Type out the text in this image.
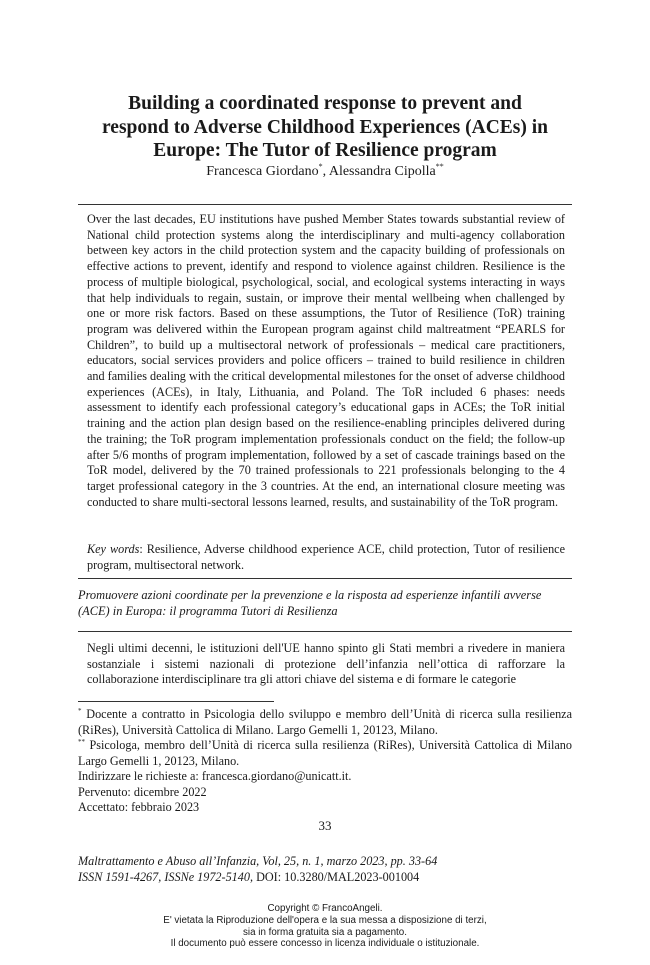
Building a coordinated response to prevent and
respond to Adverse Childhood Experiences (ACEs) in
Europe: The Tutor of Resilience program
Francesca Giordano*, Alessandra Cipolla**

Over the last decades, EU institutions have pushed Member States towards substantial review of National child protection systems along the interdisciplinary and multi-agency collaboration between key actors in the child protection system and the capacity building of professionals on effective actions to prevent, identify and respond to violence against children. Resilience is the process of multiple biological, psychological, social, and ecological systems interacting in ways that help individuals to regain, sustain, or improve their mental wellbeing when challenged by one or more risk factors. Based on these assumptions, the Tutor of Resilience (ToR) training program was delivered within the European program against child maltreatment “PEARLS for Children”, to build up a multisectoral network of professionals – medical care practitioners, educators, social services providers and police officers – trained to build resilience in children and families dealing with the critical developmental milestones for the onset of adverse childhood experiences (ACEs), in Italy, Lithuania, and Poland. The ToR included 6 phases: needs assessment to identify each professional category’s educational gaps in ACEs; the ToR initial training and the action plan design based on the resilience-enabling principles delivered during the training; the ToR program implementation professionals conduct on the field; the follow-up after 5/6 months of program implementation, followed by a set of cascade trainings based on the ToR model, delivered by the 70 trained professionals to 221 professionals belonging to the 4 target professional category in the 3 countries. At the end, an international closure meeting was conducted to share multi-sectoral lessons learned, results, and sustainability of the ToR program.

Key words: Resilience, Adverse childhood experience ACE, child protection, Tutor of resilience program, multisectoral network.

Promuovere azioni coordinate per la prevenzione e la risposta ad esperienze infantili avverse (ACE) in Europa: il programma Tutori di Resilienza

Negli ultimi decenni, le istituzioni dell'UE hanno spinto gli Stati membri a rivedere in maniera sostanziale i sistemi nazionali di protezione dell’infanzia nell’ottica di rafforzare la collaborazione interdisciplinare tra gli attori chiave del sistema e di formare le categorie

* Docente a contratto in Psicologia dello sviluppo e membro dell’Unità di ricerca sulla resilienza (RiRes), Università Cattolica di Milano. Largo Gemelli 1, 20123, Milano.

** Psicologa, membro dell’Unità di ricerca sulla resilienza (RiRes), Università Cattolica di Milano Largo Gemelli 1, 20123, Milano.

Indirizzare le richieste a: francesca.giordano@unicatt.it.

Pervenuto: dicembre 2022

Accettato: febbraio 2023

33
Maltrattamento e Abuso all’Infanzia, Vol, 25, n. 1, marzo 2023, pp. 33-64
ISSN 1591-4267, ISSNe 1972-5140, DOI: 10.3280/MAL2023-001004
Copyright © FrancoAngeli.
E' vietata la Riproduzione dell'opera e la sua messa a disposizione di terzi,
sia in forma gratuita sia a pagamento.
Il documento può essere concesso in licenza individuale o istituzionale.
